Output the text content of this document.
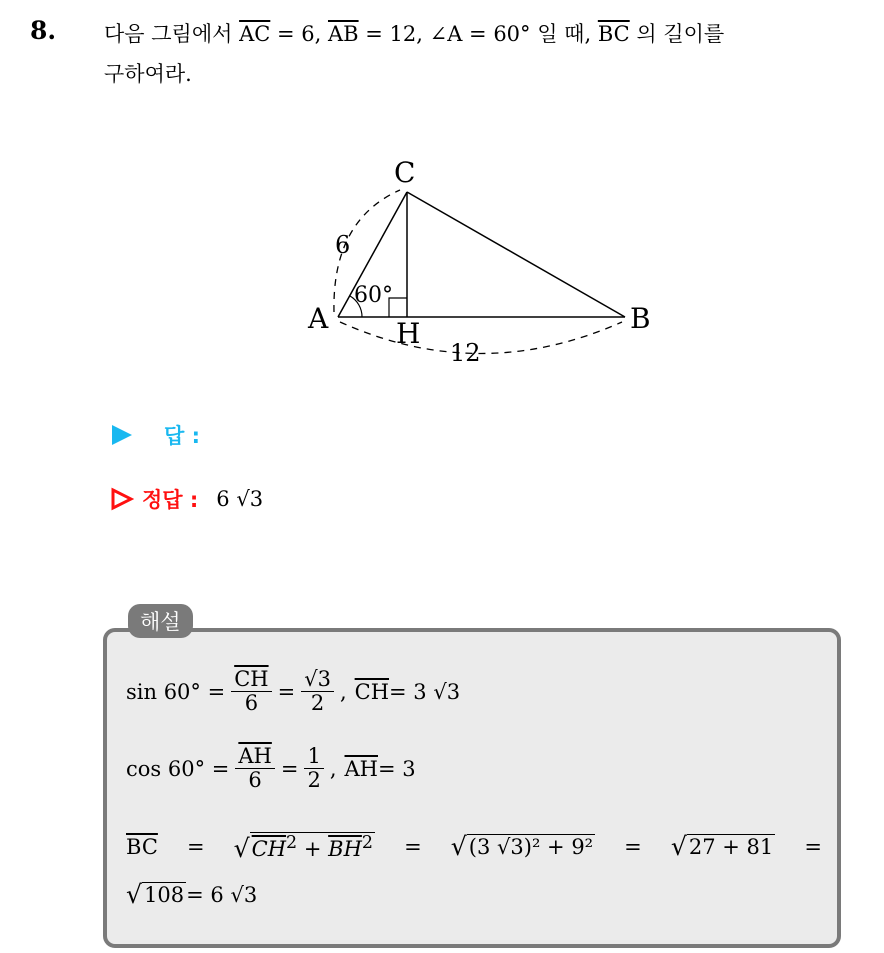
8. 다음 그림에서 $\overline{AC} = 6$, $\overline{AB} = 12$, ∠A = 60° 일 때, $\overline{BC}$ 의 길이를
구하여라.
C
A	B
H
6
12
60°
답 :
정답 : 6 √3
해설
$\sin 60^\circ = \frac{\overline{CH}}{6} = \frac{√3}{2}$ , $\overline{CH} = 3$ √3
$\cos 60^\circ = \frac{\overline{AH}}{6} = \frac{1}{2}$ , $\overline{AH} = 3$
$\overline{BC}$ = √ $CH^2 + \overline{BH}^2$ = √ (3 √3)² + 9² = √ 27 + 81 =
√ 108 = 6 √3
